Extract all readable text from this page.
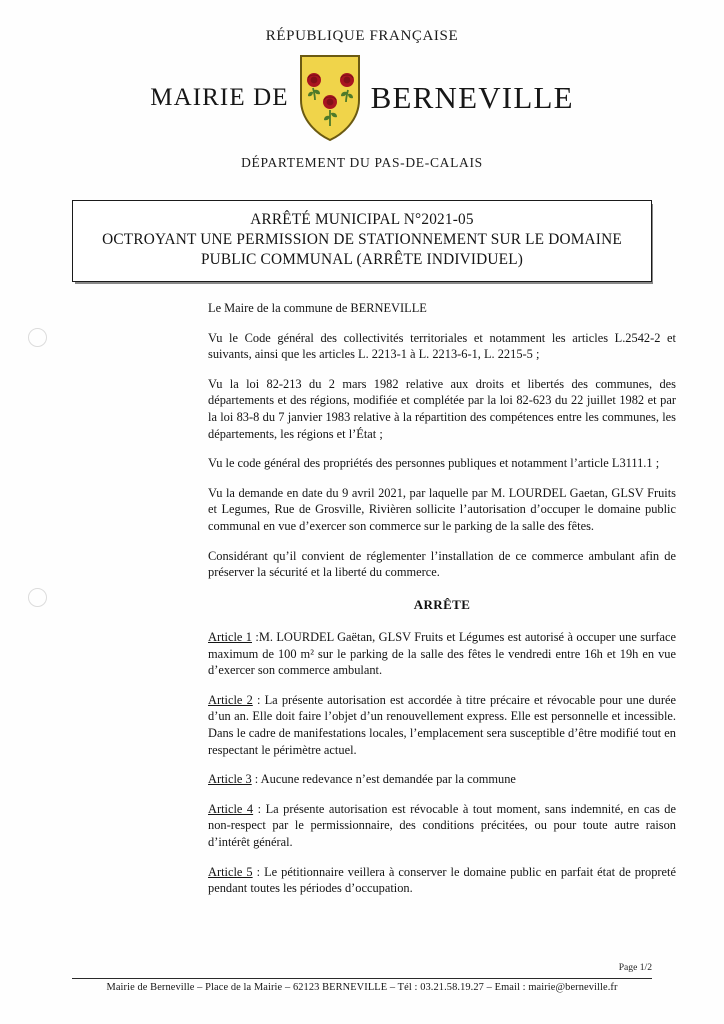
RÉPUBLIQUE FRANÇAISE
MAIRIE DE	BERNEVILLE
DÉPARTEMENT DU PAS-DE-CALAIS
ARRÊTÉ MUNICIPAL N°2021-05
OCTROYANT UNE PERMISSION DE STATIONNEMENT SUR LE DOMAINE
PUBLIC COMMUNAL (ARRÊTE INDIVIDUEL)

Le Maire de la commune de BERNEVILLE

Vu le Code général des collectivités territoriales et notamment les articles L.2542-2 et suivants, ainsi que les articles L. 2213-1 à L. 2213-6-1, L. 2215-5 ;

Vu la loi 82-213 du 2 mars 1982 relative aux droits et libertés des communes, des départements et des régions, modifiée et complétée par la loi 82-623 du 22 juillet 1982 et par la loi 83-8 du 7 janvier 1983 relative à la répartition des compétences entre les communes, les départements, les régions et l’État ;

Vu le code général des propriétés des personnes publiques et notamment l’article L3111.1 ;

Vu la demande en date du 9 avril 2021, par laquelle par M. LOURDEL Gaetan, GLSV Fruits et Legumes, Rue de Grosville, Rivièren sollicite l’autorisation d’occuper le domaine public communal en vue d’exercer son commerce sur le parking de la salle des fêtes.

Considérant qu’il convient de réglementer l’installation de ce commerce ambulant afin de préserver la sécurité et la liberté du commerce.

ARRÊTE

Article 1 :M. LOURDEL Gaëtan, GLSV Fruits et Légumes est autorisé à occuper une surface maximum de 100 m² sur le parking de la salle des fêtes le vendredi entre 16h et 19h en vue d’exercer son commerce ambulant.

Article 2 : La présente autorisation est accordée à titre précaire et révocable pour une durée d’un an. Elle doit faire l’objet d’un renouvellement express. Elle est personnelle et incessible. Dans le cadre de manifestations locales, l’emplacement sera susceptible d’être modifié tout en respectant le périmètre actuel.

Article 3 : Aucune redevance n’est demandée par la commune

Article 4 : La présente autorisation est révocable à tout moment, sans indemnité, en cas de non-respect par le permissionnaire, des conditions précitées, ou pour toute autre raison d’intérêt général.

Article 5 : Le pétitionnaire veillera à conserver le domaine public en parfait état de propreté pendant toutes les périodes d’occupation.

Page 1/2
Mairie de Berneville – Place de la Mairie – 62123 BERNEVILLE – Tél : 03.21.58.19.27 – Email : mairie@berneville.fr
